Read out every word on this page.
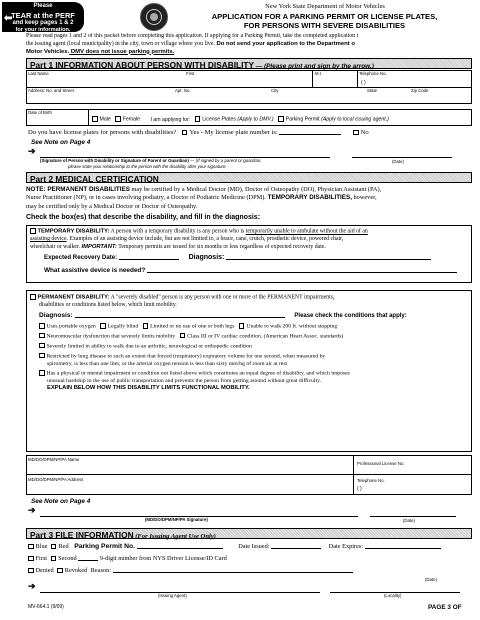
Please
TEAR at the PERF
and keep pages 1 & 2
for your information.
⬅
New York State Department of Motor Vehicles
APPLICATION FOR A PARKING PERMIT OR LICENSE PLATES,
FOR PERSONS WITH SEVERE DISABILITIES
Please read pages 1 and 2 of this packet before completing this application. If applying for a Parking Permit, take the completed application t
the issuing agent (local municipality) in the city, town or village where you live. Do not send your application to the Department o
Motor Vehicles. DMV does not issue parking permits.
Part 1 INFORMATION ABOUT PERSON WITH DISABILITY — (Please print and sign by the arrow.)
Last Name	First	M.I.	Telephone No.
( )
Address: No. and Street	Apt. No.	City	State	Zip Code
Date of Birth
Male Female I am applying for: License Plates (Apply to DMV.) Parking Permit (Apply to local issuing agent.)
Do you have license plates for persons with disabilities? Yes - My license plate number is:	No
See Note on Page 4
➔
(Signature of Person with Disability or Signature of Parent or Guardian) — (If signed by a parent or guardian,
please state your relationship to the person with the disability after your signature.
(Date)
Part 2 MEDICAL CERTIFICATION
NOTE: PERMANENT DISABILITIES may be certified by a Medical Doctor (MD), Doctor of Osteopathy (DO), Physician Assistant (PA),
Nurse Practitioner (NP), or in cases involving podiatry, a Doctor of Podiatric Medicine (DPM). TEMPORARY DISABILITIES, however,
may be certified only by a Medical Doctor or Doctor of Osteopathy.
Check the box(es) that describe the disability, and fill in the diagnosis:
TEMPORARY DISABILITY: A person with a temporary disability is any person who is temporarily unable to ambulate without the aid of an
assisting device. Examples of an assisting device include, but are not limited to, a brace, cane, crutch, prosthetic device, powered chair,
wheelchair or walker. IMPORTANT: Temporary permits are issued for six months or less regardless of expected recovery date.
Expected Recovery Date:	Diagnosis:
What assistive device is needed?
PERMANENT DISABILITY: A "severely disabled" person is any person with one or more of the PERMANENT impairments,
disabilities or conditions listed below, which limit mobility.
Diagnosis:	Please check the conditions that apply:
Uses portable oxygen Legally blind Limited or no use of one or both legs Unable to walk 200 ft. without stopping
Neuromuscular dysfunction that severely limits mobility Class III or IV cardiac condition. (American Heart Assoc. standards)
Severely limited in ability to walk due to an arthritic, neurological or orthopedic condition
Restricted by lung disease to such an extent that forced (respiratory) expiratory volume for one second, when measured by
spirometry, is less than one liter, or the arterial oxygen tension is less than sixty mm/hg of room air at rest
Has a physical or mental impairment or condition not listed above which constitutes an equal degree of disability, and which imposes
unusual hardship in the use of public transportation and prevents the person from getting around without great difficulty.
EXPLAIN BELOW HOW THIS DISABILITY LIMITS FUNCTIONAL MOBILITY.
MD/DO/DPM/NP/PA Name
Professional License No.
MD/DO/DPM/NP/PA Address	Telephone No.
( )
See Note on Page 4
➔
(MD/DO/DPM/NP/PA Signature)	(Date)
Part 3 FILE INFORMATION (For Issuing Agent Use Only)
Blue Red Parking Permit No.	Date Issued:	Date Expires:
First Second	9-digit number from NYS Driver License/ID Card
Denied Revoked Reason:
(Date)
➔
(Issuing Agent)	(Locality)
MV-664.1 (9/09)	PAGE 3 OF
